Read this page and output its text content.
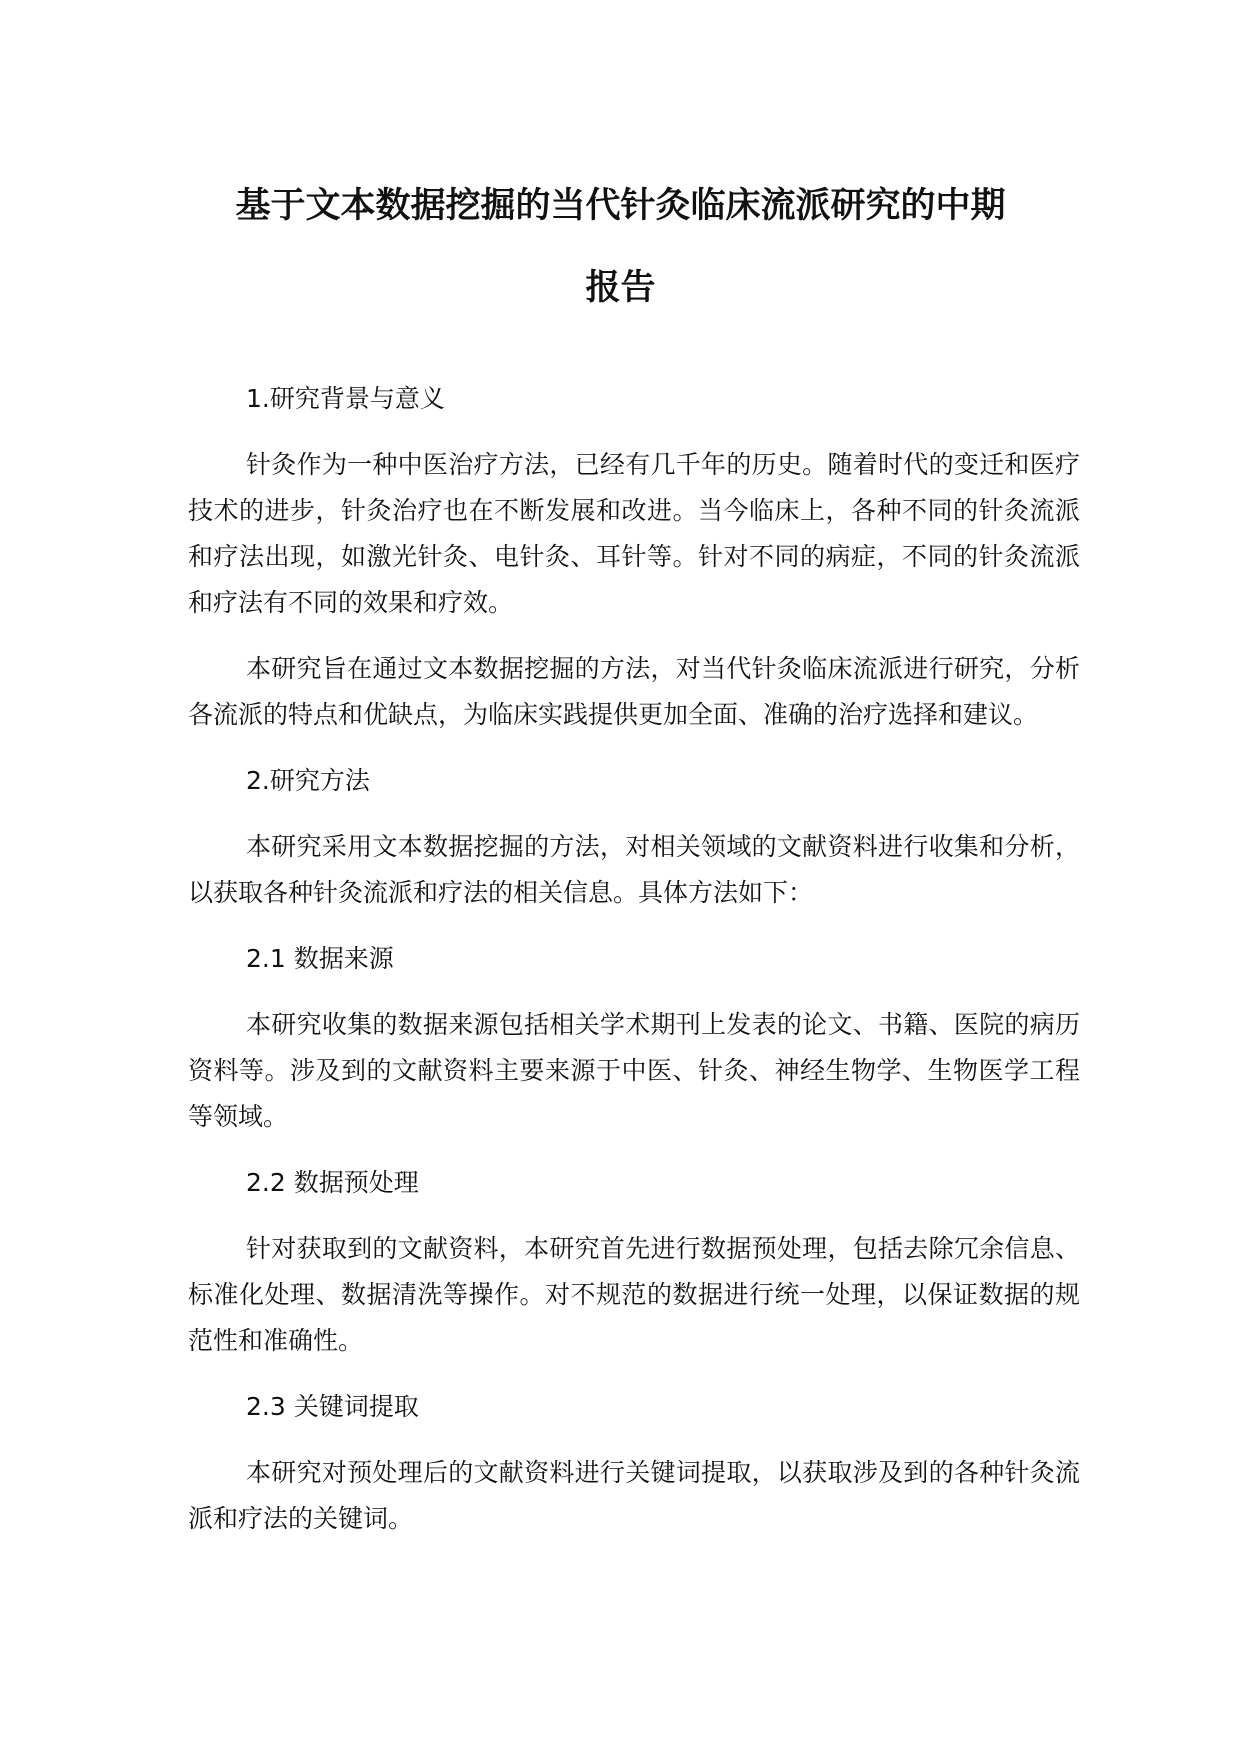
基于文本数据挖掘的当代针灸临床流派研究的中期
报告

1.研究背景与意义

针灸作为一种中医治疗方法，已经有几千年的历史。随着时代的变迁和医疗技术的进步，针灸治疗也在不断发展和改进。当今临床上，各种不同的针灸流派和疗法出现，如激光针灸、电针灸、耳针等。针对不同的病症，不同的针灸流派和疗法有不同的效果和疗效。

本研究旨在通过文本数据挖掘的方法，对当代针灸临床流派进行研究，分析各流派的特点和优缺点，为临床实践提供更加全面、准确的治疗选择和建议。

2.研究方法

本研究采用文本数据挖掘的方法，对相关领域的文献资料进行收集和分析，以获取各种针灸流派和疗法的相关信息。具体方法如下：

2.1 数据来源

本研究收集的数据来源包括相关学术期刊上发表的论文、书籍、医院的病历资料等。涉及到的文献资料主要来源于中医、针灸、神经生物学、生物医学工程等领域。

2.2 数据预处理

针对获取到的文献资料，本研究首先进行数据预处理，包括去除冗余信息、标准化处理、数据清洗等操作。对不规范的数据进行统一处理，以保证数据的规范性和准确性。

2.3 关键词提取

本研究对预处理后的文献资料进行关键词提取，以获取涉及到的各种针灸流派和疗法的关键词。
